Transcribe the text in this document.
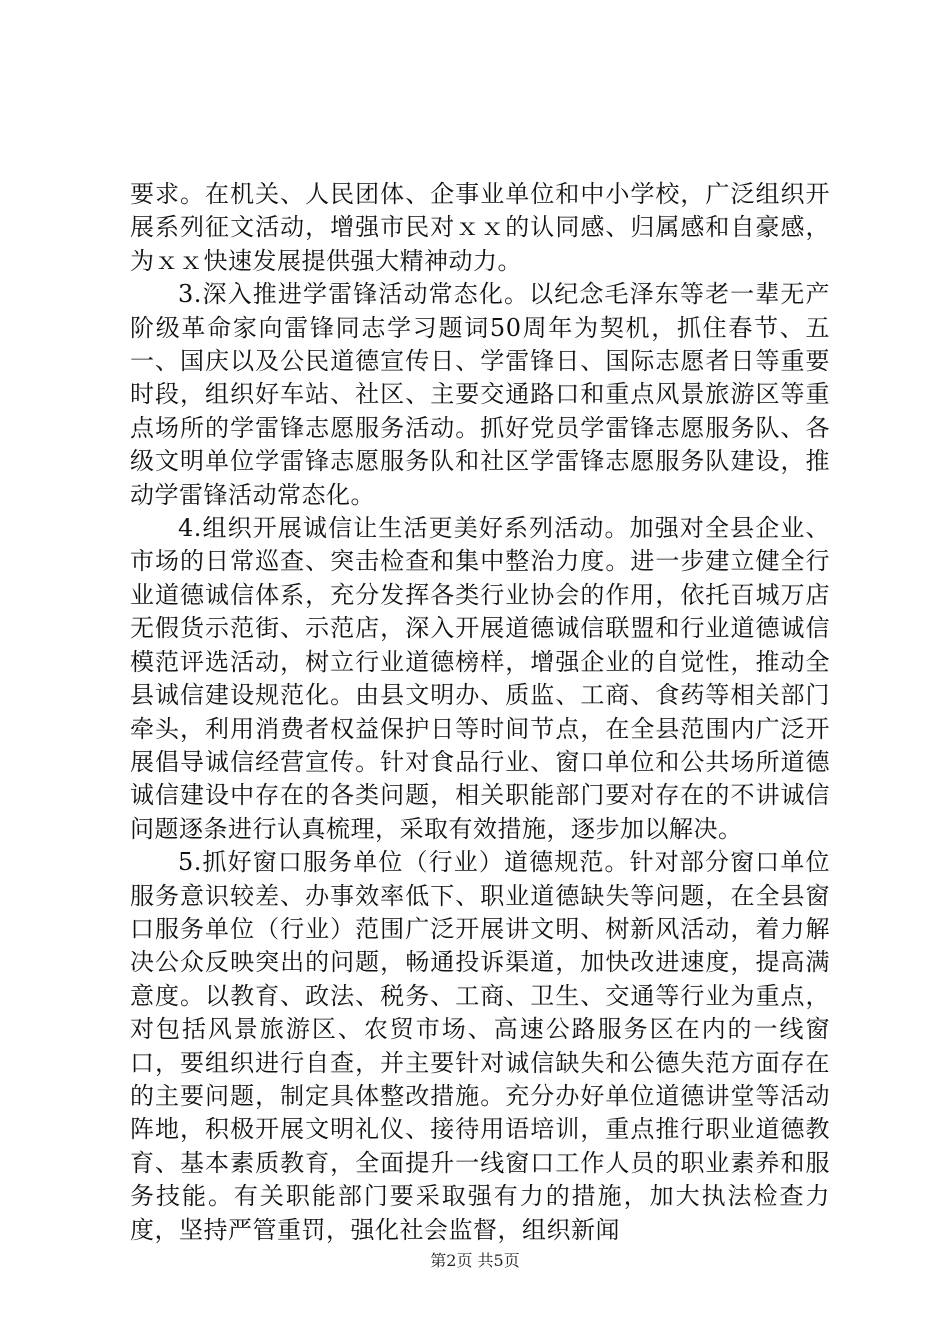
要求。在机关、人民团体、企事业单位和中小学校，广泛组织开展系列征文活动，增强市民对ｘｘ的认同感、归属感和自豪感，为ｘｘ快速发展提供强大精神动力。

3.深入推进学雷锋活动常态化。以纪念毛泽东等老一辈无产阶级革命家向雷锋同志学习题词50周年为契机，抓住春节、五一、国庆以及公民道德宣传日、学雷锋日、国际志愿者日等重要时段，组织好车站、社区、主要交通路口和重点风景旅游区等重点场所的学雷锋志愿服务活动。抓好党员学雷锋志愿服务队、各级文明单位学雷锋志愿服务队和社区学雷锋志愿服务队建设，推动学雷锋活动常态化。

4.组织开展诚信让生活更美好系列活动。加强对全县企业、市场的日常巡查、突击检查和集中整治力度。进一步建立健全行业道德诚信体系，充分发挥各类行业协会的作用，依托百城万店无假货示范街、示范店，深入开展道德诚信联盟和行业道德诚信模范评选活动，树立行业道德榜样，增强企业的自觉性，推动全县诚信建设规范化。由县文明办、质监、工商、食药等相关部门牵头，利用消费者权益保护日等时间节点，在全县范围内广泛开展倡导诚信经营宣传。针对食品行业、窗口单位和公共场所道德诚信建设中存在的各类问题，相关职能部门要对存在的不讲诚信问题逐条进行认真梳理，采取有效措施，逐步加以解决。

5.抓好窗口服务单位（行业）道德规范。针对部分窗口单位服务意识较差、办事效率低下、职业道德缺失等问题，在全县窗口服务单位（行业）范围广泛开展讲文明、树新风活动，着力解决公众反映突出的问题，畅通投诉渠道，加快改进速度，提高满意度。以教育、政法、税务、工商、卫生、交通等行业为重点，对包括风景旅游区、农贸市场、高速公路服务区在内的一线窗口，要组织进行自查，并主要针对诚信缺失和公德失范方面存在的主要问题，制定具体整改措施。充分办好单位道德讲堂等活动阵地，积极开展文明礼仪、接待用语培训，重点推行职业道德教育、基本素质教育，全面提升一线窗口工作人员的职业素养和服务技能。有关职能部门要采取强有力的措施，加大执法检查力度，坚持严管重罚，强化社会监督，组织新闻

第2页 共5页
